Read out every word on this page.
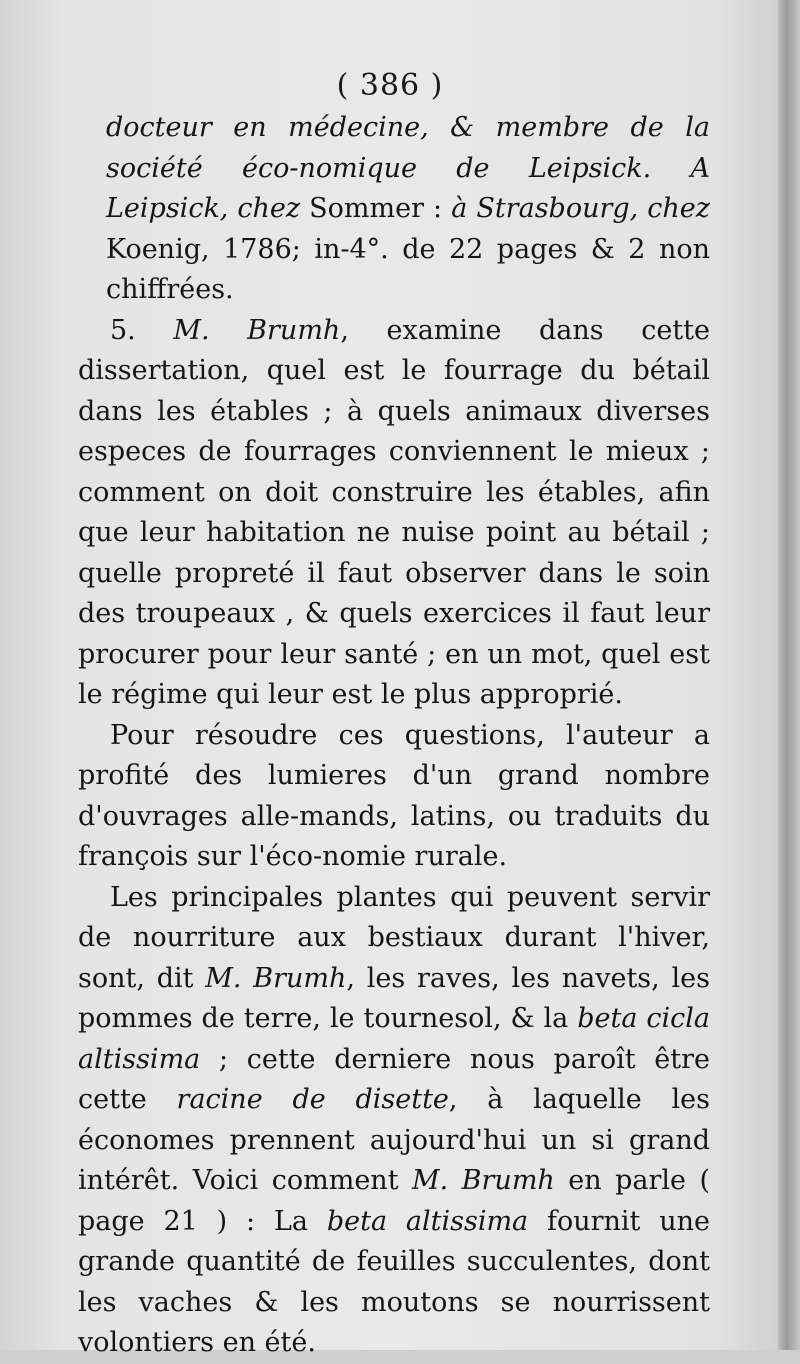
( 386 )

docteur en médecine, & membre de la société éco-nomique de Leipsick. A Leipsick, chez Sommer : à Strasbourg, chez Koenig, 1786; in-4°. de 22 pages & 2 non chiffrées.

5. M. Brumh, examine dans cette dissertation, quel est le fourrage du bétail dans les étables ; à quels animaux diverses especes de fourrages conviennent le mieux ; comment on doit construire les étables, afin que leur habitation ne nuise point au bétail ; quelle propreté il faut observer dans le soin des troupeaux , & quels exercices il faut leur procurer pour leur santé ; en un mot, quel est le régime qui leur est le plus approprié.

Pour résoudre ces questions, l'auteur a profité des lumieres d'un grand nombre d'ouvrages alle-mands, latins, ou traduits du françois sur l'éco-nomie rurale.

Les principales plantes qui peuvent servir de nourriture aux bestiaux durant l'hiver, sont, dit M. Brumh, les raves, les navets, les pommes de terre, le tournesol, & la beta cicla altissima ; cette derniere nous paroît être cette racine de disette, à laquelle les économes prennent aujourd'hui un si grand intérêt. Voici comment M. Brumh en parle ( page 21 ) : La beta altissima fournit une grande quantité de feuilles succulentes, dont les vaches & les moutons se nourrissent volontiers en été.
